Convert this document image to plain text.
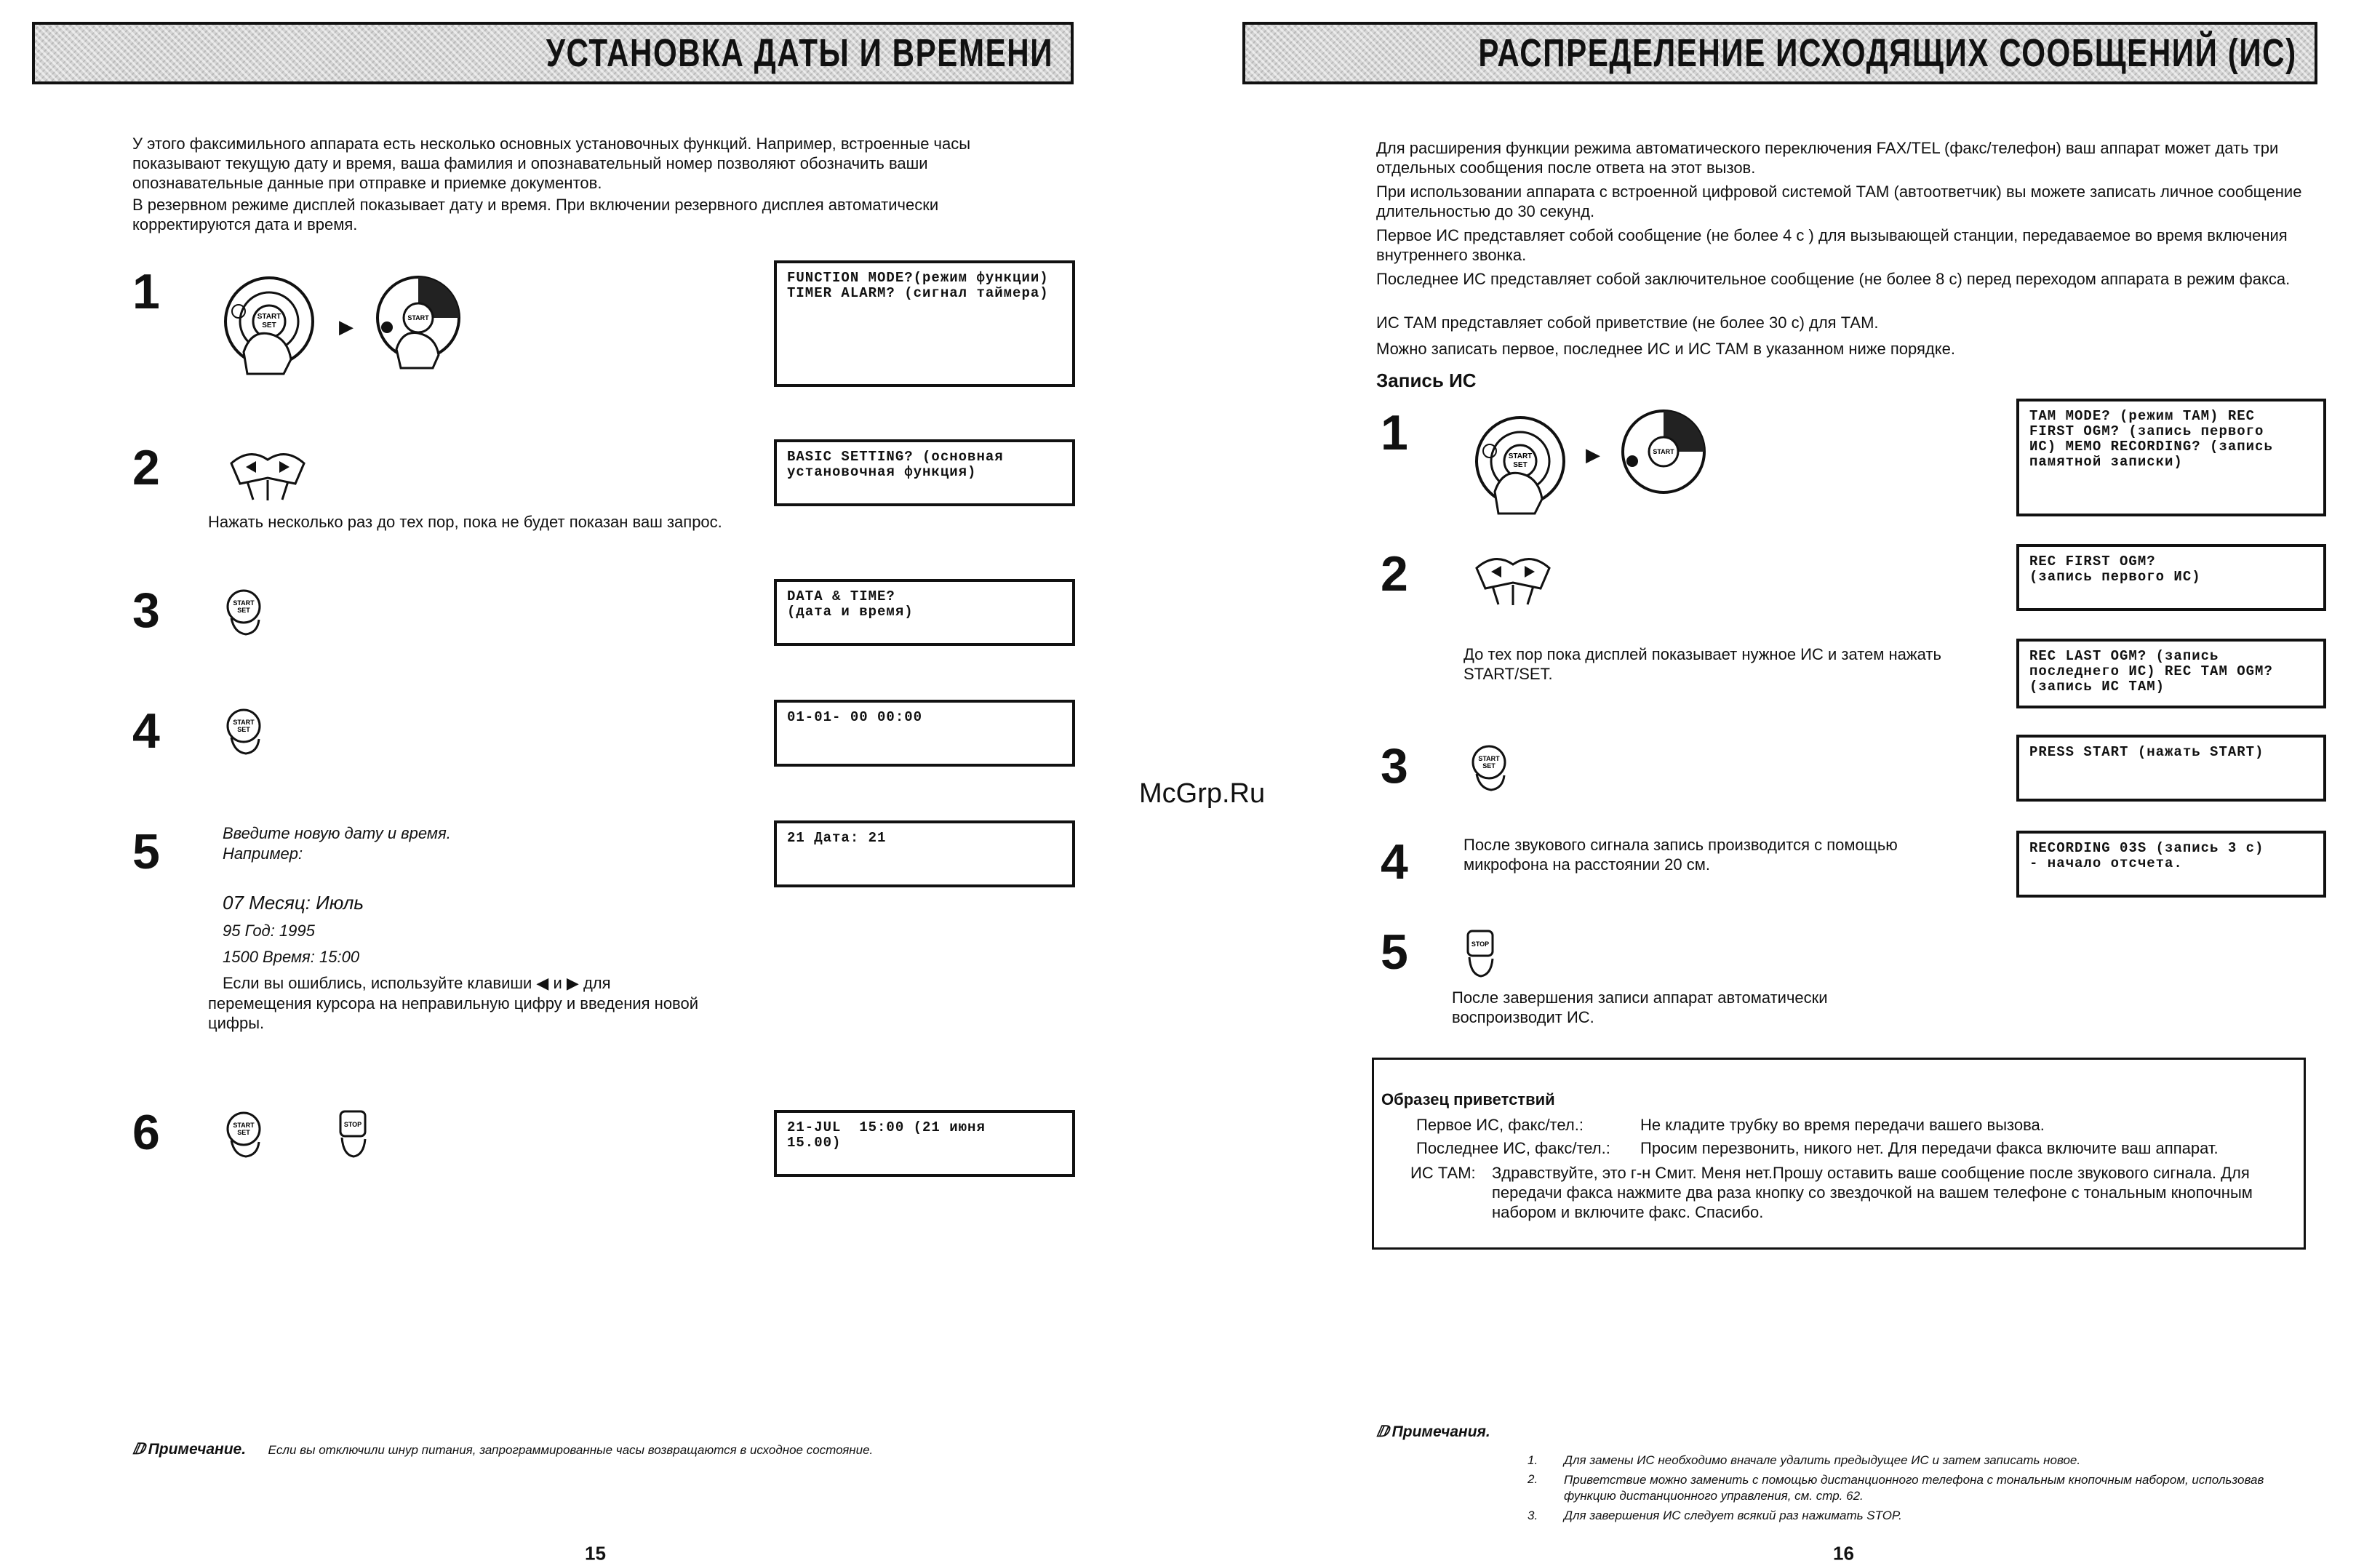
УСТАНОВКА ДАТЫ И ВРЕМЕНИ
У этого факсимильного аппарата есть несколько основных установочных функций. Например, встроенные часы показывают текущую дату и время, ваша фамилия и опознавательный номер позволяют обозначить ваши опознавательные данные при отправке и приемке документов.
В резервном режиме дисплей показывает дату и время. При включении резервного дисплея автоматически корректируются дата и время.
1	START
SET	▶	START
FUNCTION MODE?(режим функции)
TIMER ALARM? (сигнал таймера)
2
Нажать несколько раз до тех пор, пока не будет показан ваш запрос.
BASIC SETTING? (основная
установочная функция)
3	START
SET
DATA & TIME?
(дата и время)
4	START
SET
01-01- 00 00:00
5	Введите новую дату и время.
Например:
07 Месяц: Июль
95 Год: 1995
1500 Время: 15:00
Если вы ошиблись, используйте клавиши ◀ и ▶ для
перемещения курсора на неправильную цифру и введения новой цифры.
21 Дата: 21
6	START
SET
STOP	21-JUL  15:00 (21 июня
15.00)
ⅅ Примечание. Если вы отключили шнур питания, запрограммированные часы возвращаются в исходное состояние.
15
РАСПРЕДЕЛЕНИЕ ИСХОДЯЩИХ СООБЩЕНИЙ (ИС)
Для расширения функции режима автоматического переключения FAX/TEL (факс/телефон) ваш аппарат может дать три отдельных сообщения после ответа на этот вызов.
При использовании аппарата с встроенной цифровой системой ТАМ (автоответчик) вы можете записать личное сообщение длительностью до 30 секунд.
Первое ИС представляет собой сообщение (не более 4 с ) для вызывающей станции, передаваемое во время включения внутреннего звонка.
Последнее ИС представляет собой заключительное сообщение (не более 8 с) перед переходом аппарата в режим факса.
ИС ТАМ представляет собой приветствие (не более 30 с) для ТАМ.
Можно записать первое, последнее ИС и ИС ТАМ в указанном ниже порядке.
Запись ИС
1	START
SET	▶	START
TAM MODE? (режим ТАМ) REC
FIRST OGM? (запись первого
ИС) MEMO RECORDING? (запись
памятной записки)
2	REC FIRST OGM?
(запись первого ИС)
До тех пор пока дисплей показывает нужное ИС и затем нажать START/SET.
REC LAST OGM? (запись
последнего ИС) REC TAM OGM?
(запись ИС ТАМ)
3	START
SET
PRESS START (нажать START)
4	После звукового сигнала запись производится с помощью микрофона на расстоянии 20 см.
RECORDING 03S (запись 3 с)
- начало отсчета.
5	STOP
После завершения записи аппарат автоматически воспроизводит ИС.
Образец приветствий
Первое ИС, факс/тел.:	Не кладите трубку во время передачи вашего вызова.
Последнее ИС, факс/тел.: Просим перезвонить, никого нет. Для передачи факса включите ваш аппарат.
ИС ТАМ: Здравствуйте, это г-н Смит. Меня нет.Прошу оставить ваше сообщение после звукового сигнала. Для передачи факса нажмите два раза кнопку со звездочкой на вашем телефоне с тональным кнопочным набором и включите факс. Спасибо.
ⅅ Примечания.
1. Для замены ИС необходимо вначале удалить предыдущее ИС и затем записать новое.
2. Приветствие можно заменить с помощью дистанционного телефона с тональным кнопочным набором, использовав функцию дистанционного управления, см. стр. 62.
3. Для завершения ИС следует всякий раз нажимать STOP.
16
McGrp.Ru
